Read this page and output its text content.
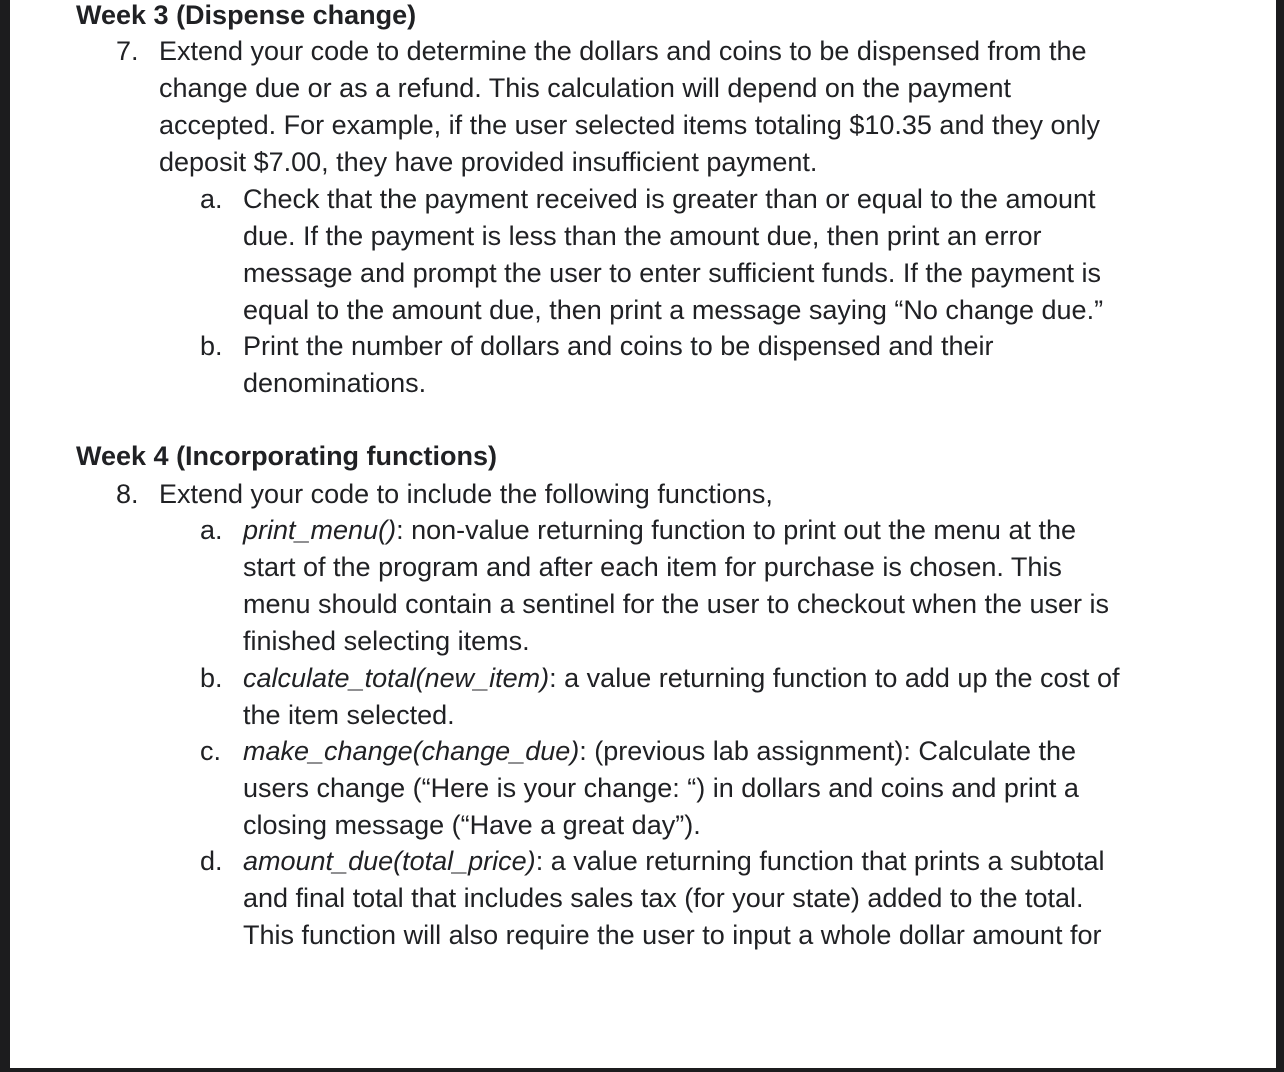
Week 3 (Dispense change)
7. Extend your code to determine the dollars and coins to be dispensed from the
change due or as a refund. This calculation will depend on the payment
accepted. For example, if the user selected items totaling $10.35 and they only
deposit $7.00, they have provided insufficient payment.
a. Check that the payment received is greater than or equal to the amount
due. If the payment is less than the amount due, then print an error
message and prompt the user to enter sufficient funds. If the payment is
equal to the amount due, then print a message saying “No change due.”
b. Print the number of dollars and coins to be dispensed and their
denominations.
Week 4 (Incorporating functions)
8. Extend your code to include the following functions,
a. print_menu(): non-value returning function to print out the menu at the
start of the program and after each item for purchase is chosen. This
menu should contain a sentinel for the user to checkout when the user is
finished selecting items.
b. calculate_total(new_item): a value returning function to add up the cost of
the item selected.
c. make_change(change_due): (previous lab assignment): Calculate the
users change (“Here is your change: “) in dollars and coins and print a
closing message (“Have a great day”).
d. amount_due(total_price): a value returning function that prints a subtotal
and final total that includes sales tax (for your state) added to the total.
This function will also require the user to input a whole dollar amount for
